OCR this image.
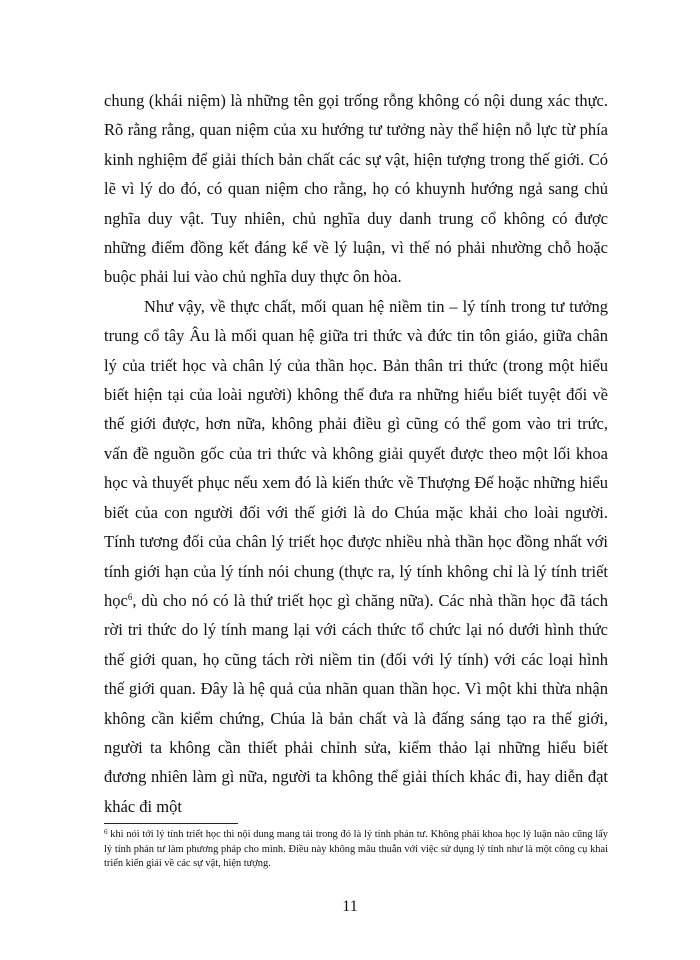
chung (khái niệm) là những tên gọi trống rỗng không có nội dung xác thực. Rõ rằng rằng, quan niệm của xu hướng tư tưởng này thể hiện nỗ lực từ phía kinh nghiệm để giải thích bản chất các sự vật, hiện tượng trong thế giới. Có lẽ vì lý do đó, có quan niệm cho rằng, họ có khuynh hướng ngả sang chủ nghĩa duy vật. Tuy nhiên, chủ nghĩa duy danh trung cổ không có được những điểm đồng kết đáng kể về lý luận, vì thế nó phải nhường chỗ hoặc buộc phải lui vào chủ nghĩa duy thực ôn hòa.

Như vậy, về thực chất, mối quan hệ niềm tin – lý tính trong tư tưởng trung cổ tây Âu là mối quan hệ giữa tri thức và đức tin tôn giáo, giữa chân lý của triết học và chân lý của thần học. Bản thân tri thức (trong một hiểu biết hiện tại của loài người) không thể đưa ra những hiểu biết tuyệt đối về thế giới được, hơn nữa, không phải điều gì cũng có thể gom vào tri trức, vấn đề nguồn gốc của tri thức và không giải quyết được theo một lối khoa học và thuyết phục nếu xem đó là kiến thức về Thượng Đế hoặc những hiểu biết của con người đối với thế giới là do Chúa mặc khải cho loài người. Tính tương đối của chân lý triết học được nhiều nhà thần học đồng nhất với tính giới hạn của lý tính nói chung (thực ra, lý tính không chỉ là lý tính triết học$^6$, dù cho nó có là thứ triết học gì chăng nữa). Các nhà thần học đã tách rời tri thức do lý tính mang lại với cách thức tổ chức lại nó dưới hình thức thế giới quan, họ cũng tách rời niềm tin (đối với lý tính) với các loại hình thế giới quan. Đây là hệ quả của nhãn quan thần học. Vì một khi thừa nhận không cần kiểm chứng, Chúa là bản chất và là đấng sáng tạo ra thế giới, người ta không cần thiết phải chỉnh sửa, kiểm thảo lại những hiểu biết đương nhiên làm gì nữa, người ta không thể giải thích khác đi, hay diễn đạt khác đi một

$^6$ khi nói tới lý tính triết học thì nội dung mang tải trong đó là lý tính phản tư. Không phải khoa học lý luận nào cũng lấy lý tính phản tư làm phương pháp cho mình. Điều này không mâu thuẫn với việc sử dụng lý tính như là một công cụ khai triển kiến giải về các sự vật, hiện tượng.
11
